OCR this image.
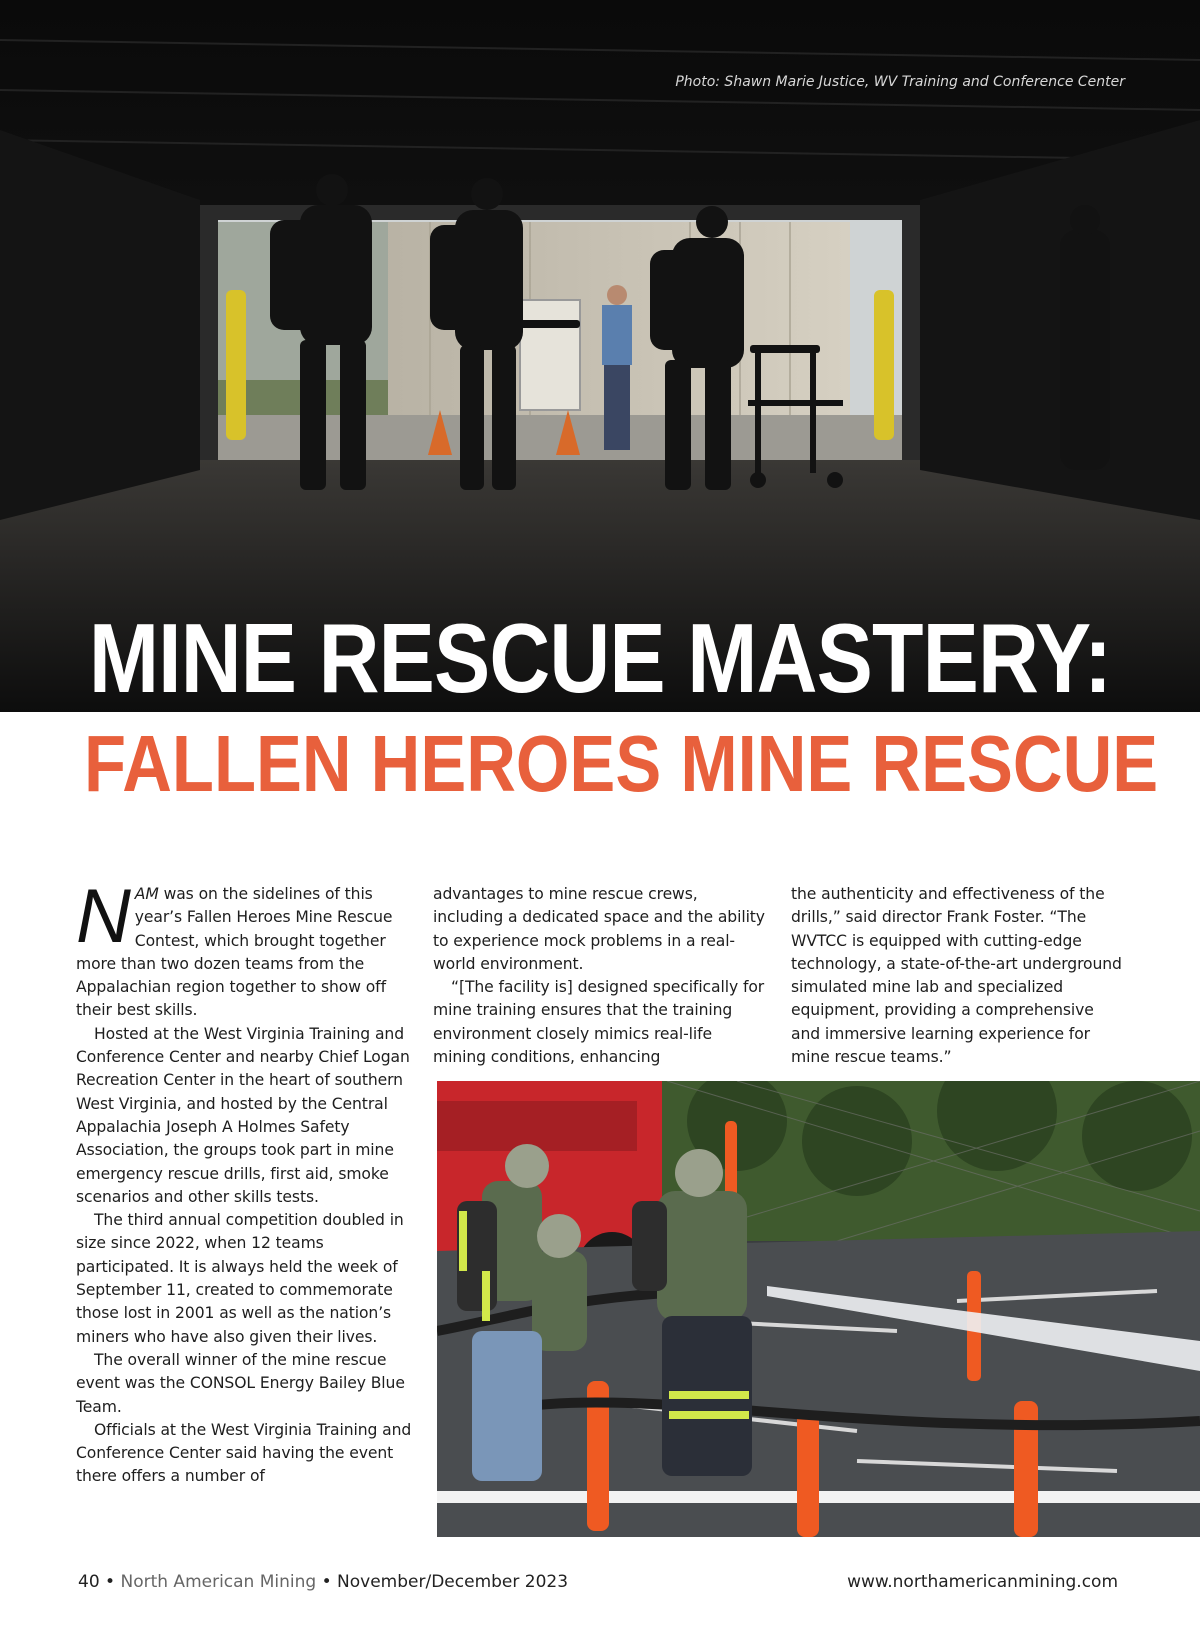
Photo: Shawn Marie Justice, WV Training and Conference Center
MINE RESCUE MASTERY:
FALLEN HEROES MINE RESCUE

NAM was on the sidelines of this year’s Fallen Heroes Mine Rescue Contest, which brought together more than two dozen teams from the Appalachian region together to show off their best skills.

Hosted at the West Virginia Training and Conference Center and nearby Chief Logan Recreation Center in the heart of southern West Virginia, and hosted by the Central Appalachia Joseph A Holmes Safety Association, the groups took part in mine emergency rescue drills, first aid, smoke scenarios and other skills tests.

The third annual competition doubled in size since 2022, when 12 teams participated. It is always held the week of September 11, created to commemorate those lost in 2001 as well as the nation’s miners who have also given their lives.

The overall winner of the mine rescue event was the CONSOL Energy Bailey Blue Team.

Officials at the West Virginia Training and Conference Center said having the event there offers a number of

advantages to mine rescue crews, including a dedicated space and the ability to experience mock problems in a real-world environment.

“[The facility is] designed specifically for mine training ensures that the training environment closely mimics real-life mining conditions, enhancing

the authenticity and effectiveness of the drills,” said director Frank Foster. “The WVTCC is equipped with cutting-edge technology, a state-of-the-art underground simulated mine lab and specialized equipment, providing a comprehensive and immersive learning experience for mine rescue teams.”

40 • North American Mining • November/December 2023	www.northamericanmining.com
